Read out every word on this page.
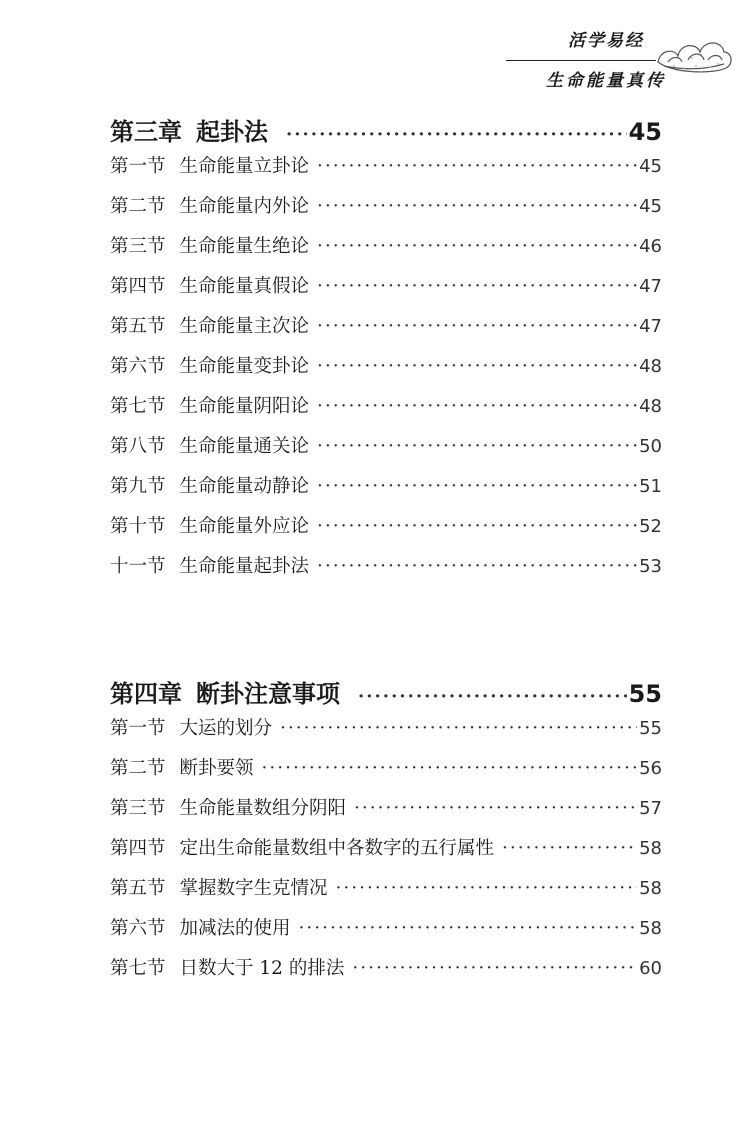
活学易经
生命能量真传
第三章 起卦法 ·····	45
第一节 生命能量立卦论 ·····	45
第二节 生命能量内外论 ·····	45
第三节 生命能量生绝论 ·····	46
第四节 生命能量真假论 ·····	47
第五节 生命能量主次论 ·····	47
第六节 生命能量变卦论 ·····	48
第七节 生命能量阴阳论 ·····	48
第八节 生命能量通关论 ·····	50
第九节 生命能量动静论 ·····	51
第十节 生命能量外应论 ·····	52
十一节 生命能量起卦法 ·····	53
第四章 断卦注意事项 ·····	55
第一节 大运的划分 ·····	55
第二节 断卦要领 ·····	56
第三节 生命能量数组分阴阳 ·····	57
第四节 定出生命能量数组中各数字的五行属性 ·····	58
第五节 掌握数字生克情况 ·····	58
第六节 加减法的使用 ·····	58
第七节 日数大于 12 的排法 ·····	60
